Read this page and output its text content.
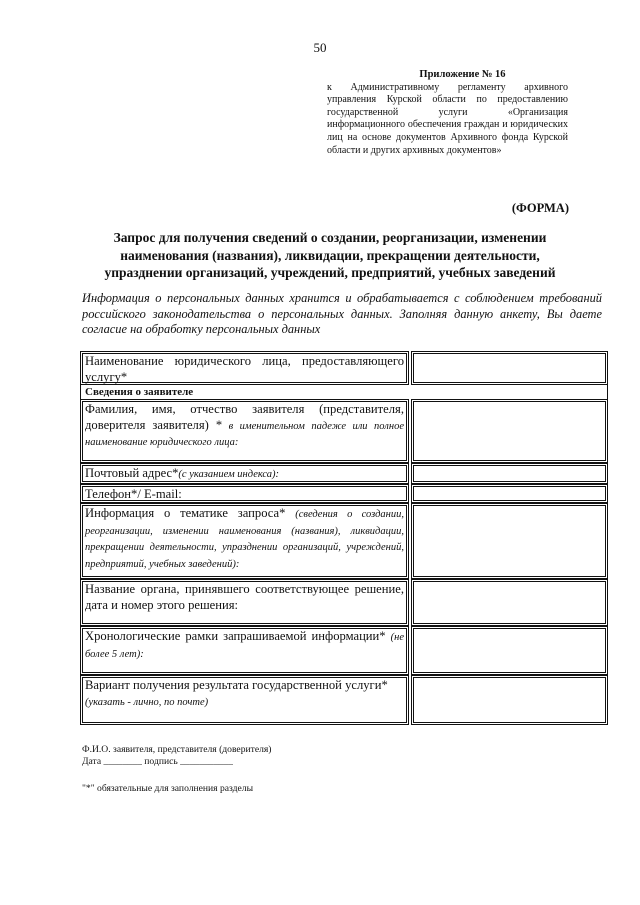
50
Приложение № 16
к Административному регламенту архивного управления Курской области по предоставлению государственной услуги «Организация информационного обеспечения граждан и юридических лиц на основе документов Архивного фонда Курской области и других архивных документов»
(ФОРМА)
Запрос для получения сведений о создании, реорганизации, изменении наименования (названия), ликвидации, прекращении деятельности, упразднении организаций, учреждений, предприятий, учебных заведений
Информация о персональных данных хранится и обрабатывается с соблюдением требований российского законодательства о персональных данных. Заполняя данную анкету, Вы даете согласие на обработку персональных данных
Наименование юридического лица, предоставляющего услугу*
Сведения о заявителе
Фамилия, имя, отчество заявителя (представителя, доверителя заявителя) * в именительном падеже или полное наименование юридического лица:
Почтовый адрес*(с указанием индекса):
Телефон*/ E-mail:
Информация о тематике запроса* (сведения о создании, реорганизации, изменении наименования (названия), ликвидации, прекращении деятельности, упразднении организаций, учреждений, предприятий, учебных заведений):
Название органа, принявшего соответствующее решение, дата и номер этого решения:
Хронологические рамки запрашиваемой информации* (не более 5 лет):
Вариант получения результата государственной услуги*
(указать - лично, по почте)
Ф.И.О. заявителя, представителя (доверителя)
Дата ________ подпись ___________
"*" обязательные для заполнения разделы
